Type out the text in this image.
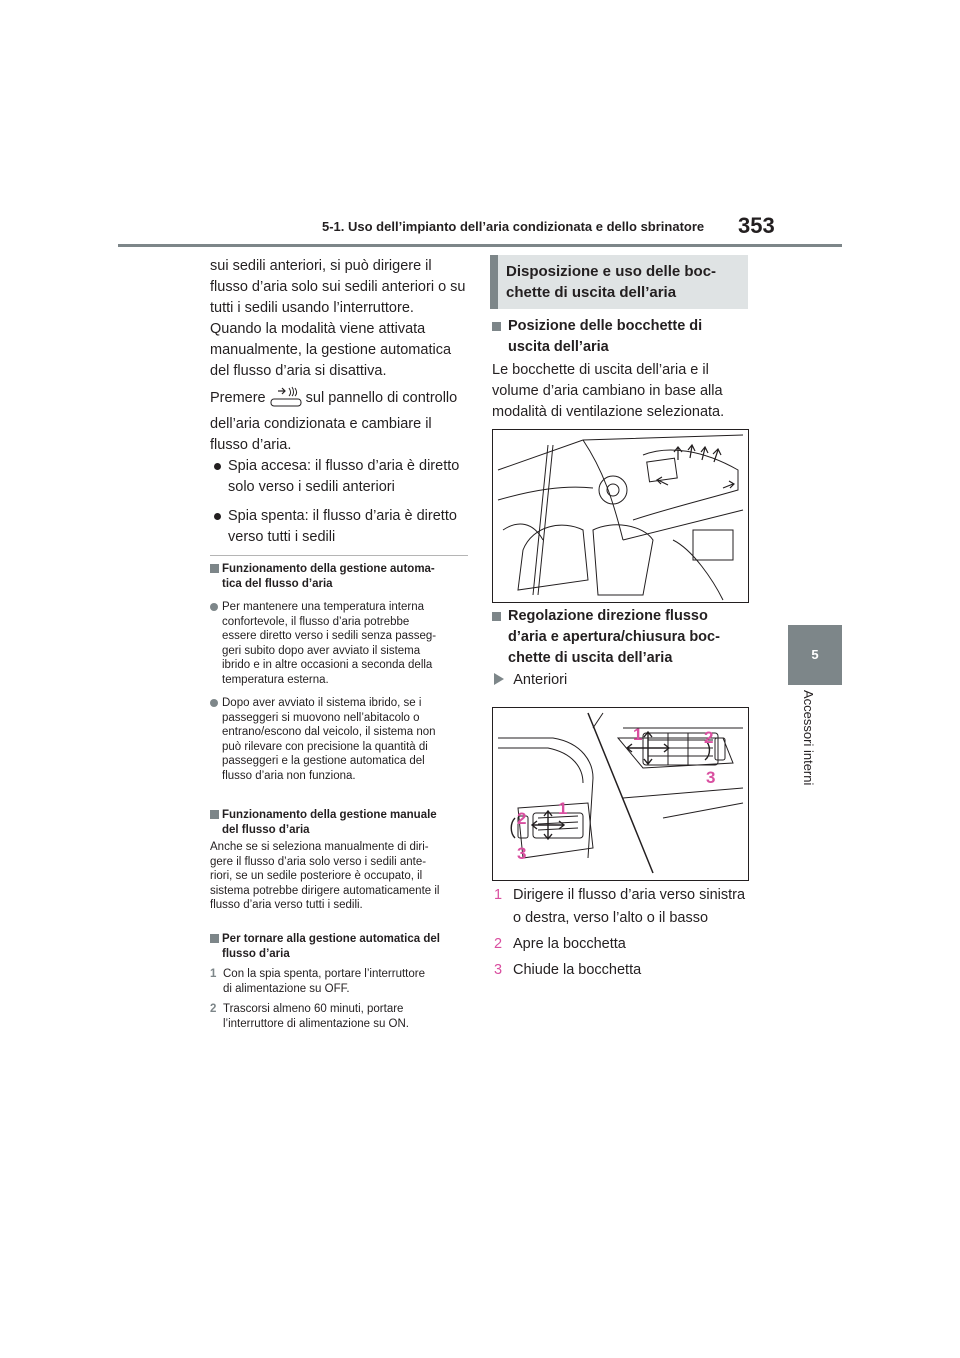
5-1. Uso dell’impianto dell’aria condizionata e dello sbrinatore 353
5
Accessori interni
sui sedili anteriori, si può dirigere il
flusso d’aria solo sui sedili anteriori o su
tutti i sedili usando l’interruttore.
Quando la modalità viene attivata
manualmente, la gestione automatica
del flusso d’aria si disattiva.
Premere	sul pannello di controllo
dell’aria condizionata e cambiare il
flusso d’aria.
Spia accesa: il flusso d’aria è diretto
solo verso i sedili anteriori
Spia spenta: il flusso d’aria è diretto
verso tutti i sedili
Funzionamento della gestione automa-
tica del flusso d’aria
Per mantenere una temperatura interna
confortevole, il flusso d’aria potrebbe
essere diretto verso i sedili senza passeg-
geri subito dopo aver avviato il sistema
ibrido e in altre occasioni a seconda della
temperatura esterna.
Dopo aver avviato il sistema ibrido, se i
passeggeri si muovono nell’abitacolo o
entrano/escono dal veicolo, il sistema non
può rilevare con precisione la quantità di
passeggeri e la gestione automatica del
flusso d’aria non funziona.
Funzionamento della gestione manuale
del flusso d’aria
Anche se si seleziona manualmente di diri-
gere il flusso d’aria solo verso i sedili ante-
riori, se un sedile posteriore è occupato, il
sistema potrebbe dirigere automaticamente il
flusso d’aria verso tutti i sedili.
Per tornare alla gestione automatica del
flusso d’aria
1 Con la spia spenta, portare l’interruttore
di alimentazione su OFF.
2 Trascorsi almeno 60 minuti, portare
l’interruttore di alimentazione su ON.
Disposizione e uso delle boc-
chette di uscita dell’aria
Posizione delle bocchette di
uscita dell’aria
Le bocchette di uscita dell’aria e il
volume d’aria cambiano in base alla
modalità di ventilazione selezionata.
Regolazione direzione flusso
d’aria e apertura/chiusura boc-
chette di uscita dell’aria
Anteriori
1	2
3
1
2
3
1 Dirigere il flusso d’aria verso sinistra
o destra, verso l’alto o il basso
2 Apre la bocchetta
3 Chiude la bocchetta
